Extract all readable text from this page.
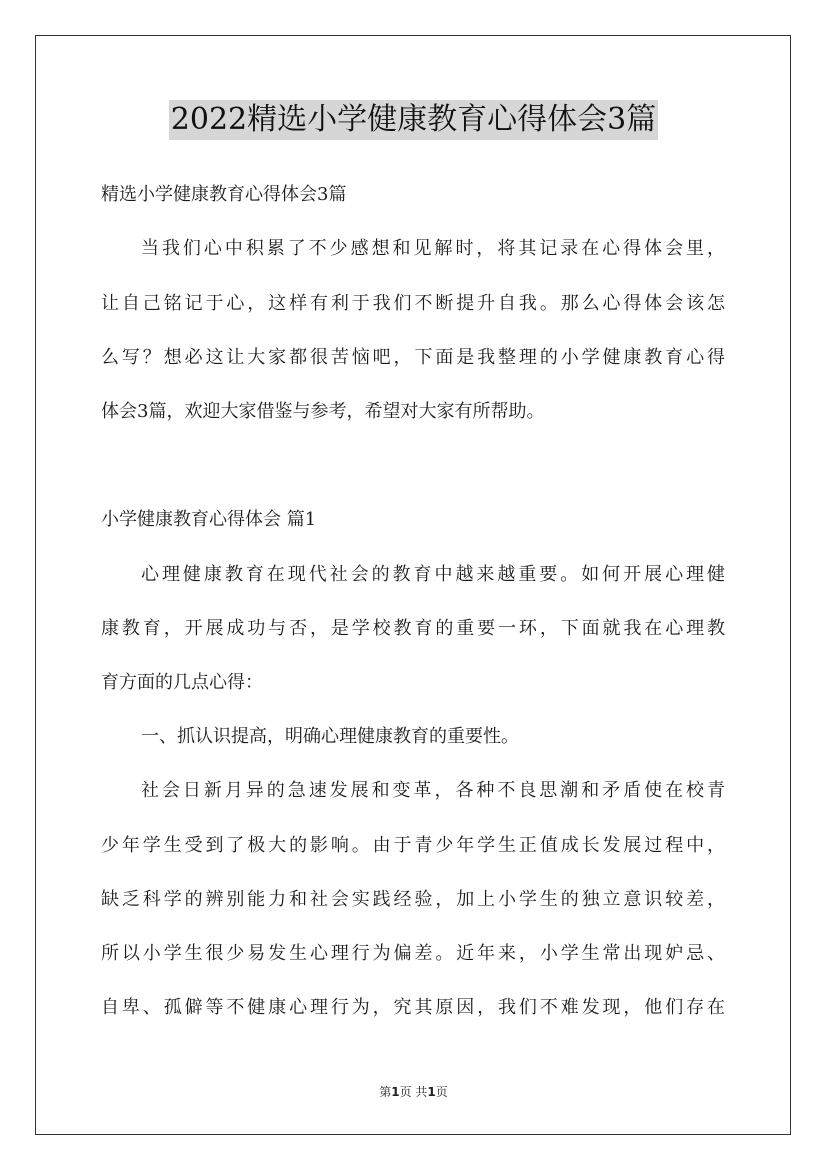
2022精选小学健康教育心得体会3篇
精选小学健康教育心得体会3篇
当我们心中积累了不少感想和见解时，将其记录在心得体会里，
让自己铭记于心，这样有利于我们不断提升自我。那么心得体会该怎
么写？想必这让大家都很苦恼吧，下面是我整理的小学健康教育心得
体会3篇，欢迎大家借鉴与参考，希望对大家有所帮助。
小学健康教育心得体会 篇1
心理健康教育在现代社会的教育中越来越重要。如何开展心理健
康教育，开展成功与否，是学校教育的重要一环，下面就我在心理教
育方面的几点心得：
一、抓认识提高，明确心理健康教育的重要性。
社会日新月异的急速发展和变革，各种不良思潮和矛盾使在校青
少年学生受到了极大的影响。由于青少年学生正值成长发展过程中，
缺乏科学的辨别能力和社会实践经验，加上小学生的独立意识较差，
所以小学生很少易发生心理行为偏差。近年来，小学生常出现妒忌、
自卑、孤僻等不健康心理行为，究其原因，我们不难发现，他们存在
第1页 共1页
